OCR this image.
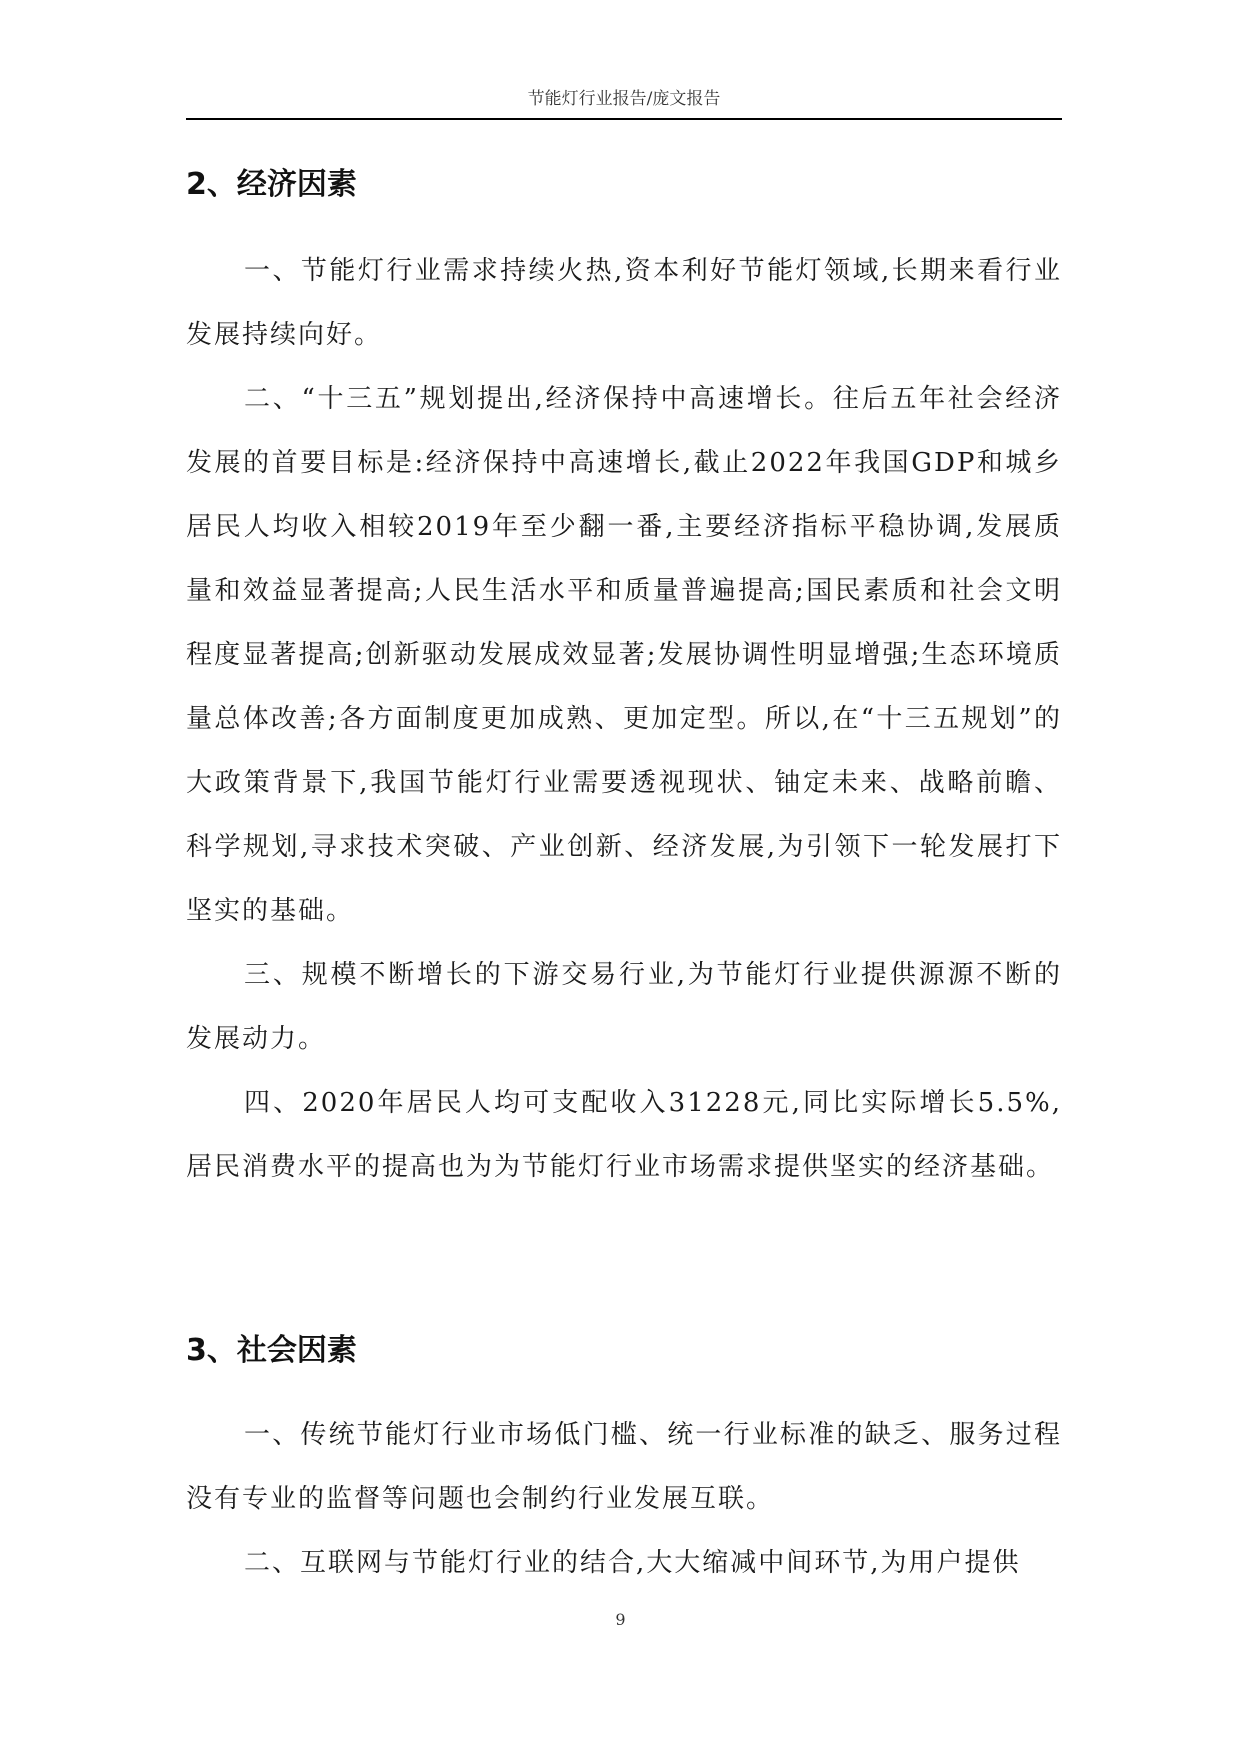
节能灯行业报告/庞文报告
2、经济因素

一、节能灯行业需求持续火热,资本利好节能灯领域,长期来看行业发展持续向好。

二、“十三五”规划提出,经济保持中高速增长。往后五年社会经济发展的首要目标是:经济保持中高速增长,截止2022年我国GDP和城乡居民人均收入相较2019年至少翻一番,主要经济指标平稳协调,发展质量和效益显著提高;人民生活水平和质量普遍提高;国民素质和社会文明程度显著提高;创新驱动发展成效显著;发展协调性明显增强;生态环境质量总体改善;各方面制度更加成熟、更加定型。所以,在“十三五规划”的大政策背景下,我国节能灯行业需要透视现状、铀定未来、战略前瞻、科学规划,寻求技术突破、产业创新、经济发展,为引领下一轮发展打下坚实的基础。

三、规模不断增长的下游交易行业,为节能灯行业提供源源不断的发展动力。

四、2020年居民人均可支配收入31228元,同比实际增长5.5%,居民消费水平的提高也为为节能灯行业市场需求提供坚实的经济基础。

3、社会因素

一、传统节能灯行业市场低门槛、统一行业标准的缺乏、服务过程没有专业的监督等问题也会制约行业发展互联。

二、互联网与节能灯行业的结合,大大缩减中间环节,为用户提供

9
